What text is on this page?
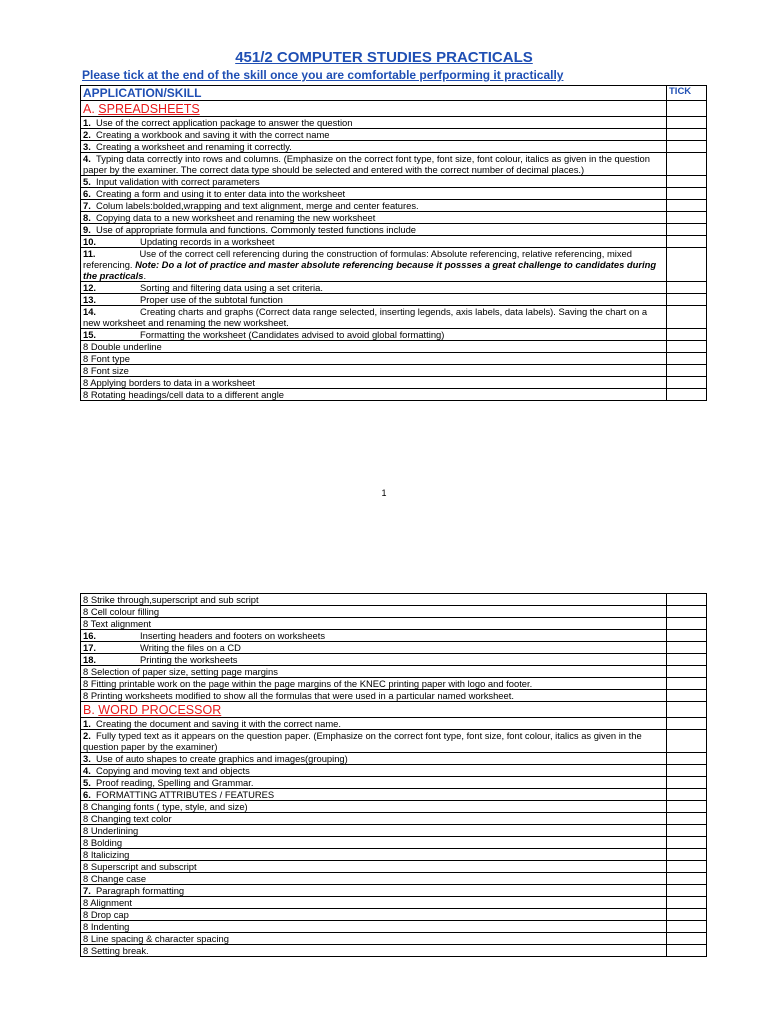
451/2 COMPUTER STUDIES PRACTICALS
Please tick at the end of the skill once you are comfortable perfporming it practically
APPLICATION/SKILL	TICK
A. SPREADSHEETS	
1. Use of the correct application package to answer the question	
2. Creating a workbook and saving it with the correct name	
3. Creating a worksheet and renaming it correctly.	
4. Typing data correctly into rows and columns. (Emphasize on the correct font type, font size, font colour, italics as given in the question paper by the examiner. The correct data type should be selected and entered with the correct number of decimal places.)	
5. Input validation with correct parameters	
6. Creating a form and using it to enter data into the worksheet	
7. Colum labels:bolded,wrapping and text alignment, merge and center features.	
8. Copying data to a new worksheet and renaming the new worksheet	
9. Use of appropriate formula and functions. Commonly tested functions include	
10. Updating records in a worksheet	
11. Use of the correct cell referencing during the construction of formulas: Absolute referencing, relative referencing, mixed referencing. Note: Do a lot of practice and master absolute referencing because it possses a great challenge to candidates during the practicals.	
12. Sorting and filtering data using a set criteria.	
13. Proper use of the subtotal function	
14. Creating charts and graphs (Correct data range selected, inserting legends, axis labels, data labels). Saving the chart on a new worksheet and renaming the new worksheet.	
15. Formatting the worksheet (Candidates advised to avoid global formatting)	
8 Double underline	
8 Font type	
8 Font size	
8 Applying borders to data in a worksheet	
8 Rotating headings/cell data to a different angle	
1
8 Strike through,superscript and sub script	
8 Cell colour filling	
8 Text alignment	
16. Inserting headers and footers on worksheets	
17. Writing the files on a CD	
18. Printing the worksheets	
8 Selection of paper size, setting page margins	
8 Fitting printable work on the page within the page margins of the KNEC printing paper with logo and footer.	
8 Printing worksheets modified to show all the formulas that were used in a particular named worksheet.	
B. WORD PROCESSOR	
1. Creating the document and saving it with the correct name.	
2. Fully typed text as it appears on the question paper. (Emphasize on the correct font type, font size, font colour, italics as given in the question paper by the examiner)	
3. Use of auto shapes to create graphics and images(grouping)	
4. Copying and moving text and objects	
5. Proof reading, Spelling and Grammar.	
6. FORMATTING ATTRIBUTES / FEATURES	
8 Changing fonts ( type, style, and size)	
8 Changing text color	
8 Underlining	
8 Bolding	
8 Italicizing	
8 Superscript and subscript	
8 Change case	
7. Paragraph formatting	
8 Alignment	
8 Drop cap	
8 Indenting	
8 Line spacing & character spacing	
8 Setting break.	
